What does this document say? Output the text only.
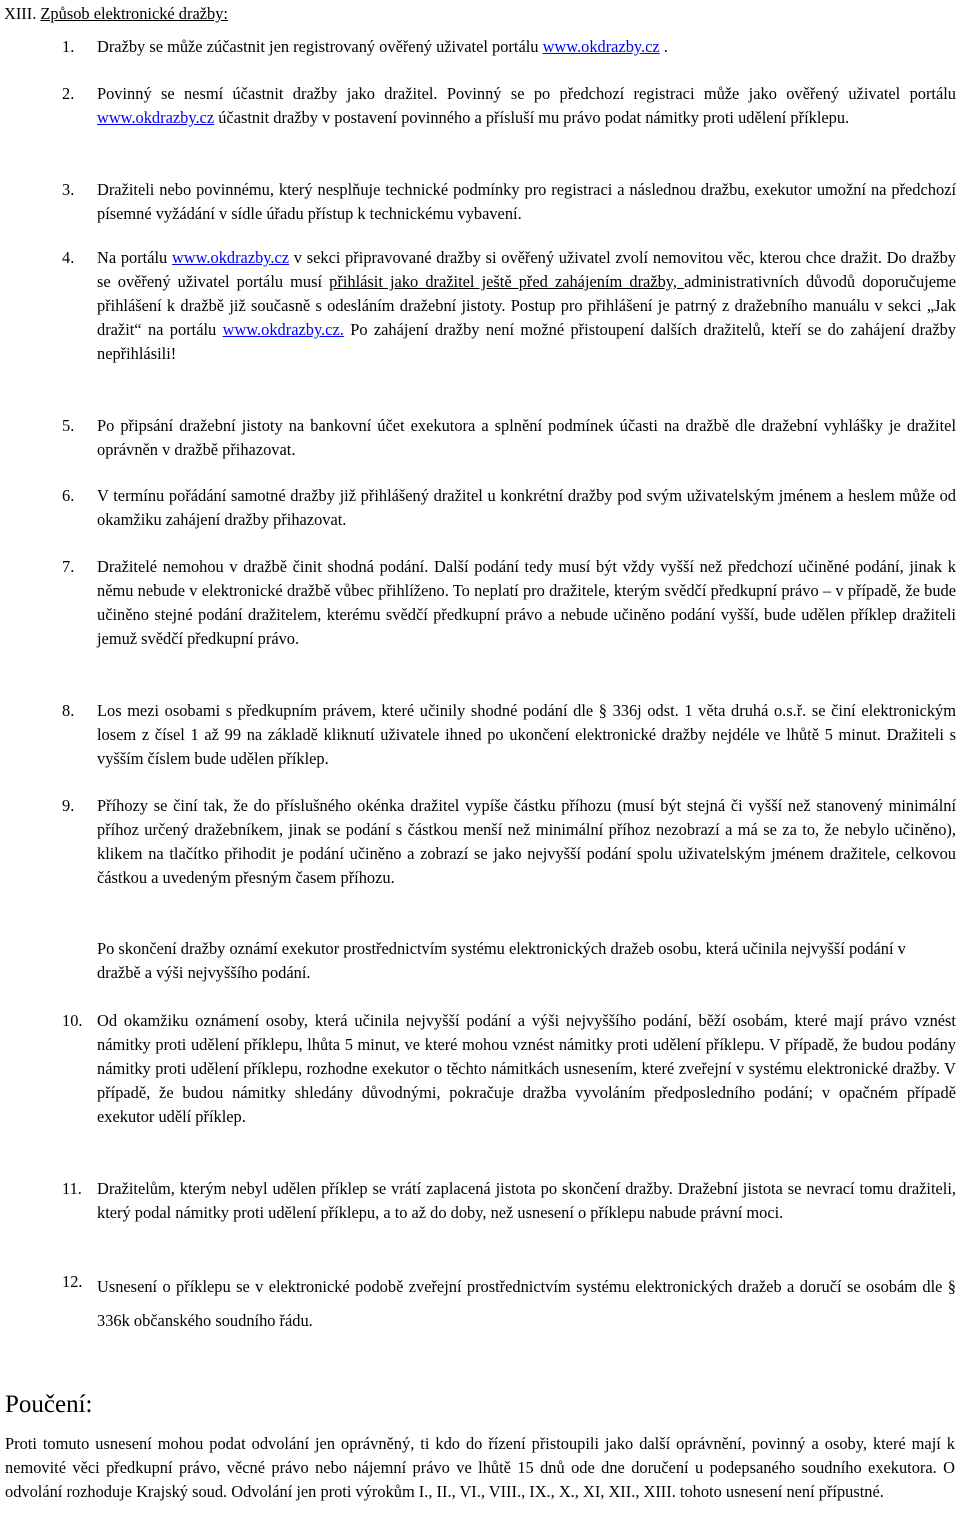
XIII. Způsob elektronické dražby:
1. Dražby se může zúčastnit jen registrovaný ověřený uživatel portálu www.okdrazby.cz .
2. Povinný se nesmí účastnit dražby jako dražitel. Povinný se po předchozí registraci může jako ověřený uživatel portálu www.okdrazby.cz účastnit dražby v postavení povinného a přísluší mu právo podat námitky proti udělení příklepu.
3. Dražiteli nebo povinnému, který nesplňuje technické podmínky pro registraci a následnou dražbu, exekutor umožní na předchozí písemné vyžádání v sídle úřadu přístup k technickému vybavení.
4. Na portálu www.okdrazby.cz v sekci připravované dražby si ověřený uživatel zvolí nemovitou věc, kterou chce dražit. Do dražby se ověřený uživatel portálu musí přihlásit jako dražitel ještě před zahájením dražby, administrativních důvodů doporučujeme přihlášení k dražbě již současně s odesláním dražební jistoty. Postup pro přihlášení je patrný z dražebního manuálu v sekci „Jak dražit“ na portálu www.okdrazby.cz. Po zahájení dražby není možné přistoupení dalších dražitelů, kteří se do zahájení dražby nepřihlásili!
5. Po připsání dražební jistoty na bankovní účet exekutora a splnění podmínek účasti na dražbě dle dražební vyhlášky je dražitel oprávněn v dražbě přihazovat.
6. V termínu pořádání samotné dražby již přihlášený dražitel u konkrétní dražby pod svým uživatelským jménem a heslem může od okamžiku zahájení dražby přihazovat.
7. Dražitelé nemohou v dražbě činit shodná podání. Další podání tedy musí být vždy vyšší než předchozí učiněné podání, jinak k němu nebude v elektronické dražbě vůbec přihlíženo. To neplatí pro dražitele, kterým svědčí předkupní právo – v případě, že bude učiněno stejné podání dražitelem, kterému svědčí předkupní právo a nebude učiněno podání vyšší, bude udělen příklep dražiteli jemuž svědčí předkupní právo.
8. Los mezi osobami s předkupním právem, které učinily shodné podání dle § 336j odst. 1 věta druhá o.s.ř. se činí elektronickým losem z čísel 1 až 99 na základě kliknutí uživatele ihned po ukončení elektronické dražby nejdéle ve lhůtě 5 minut. Dražiteli s vyšším číslem bude udělen příklep.
9. Příhozy se činí tak, že do příslušného okénka dražitel vypíše částku příhozu (musí být stejná či vyšší než stanovený minimální příhoz určený dražebníkem, jinak se podání s částkou menší než minimální příhoz nezobrazí a má se za to, že nebylo učiněno), klikem na tlačítko přihodit je podání učiněno a zobrazí se jako nejvyšší podání spolu uživatelským jménem dražitele, celkovou částkou a uvedeným přesným časem příhozu.
Po skončení dražby oznámí exekutor prostřednictvím systému elektronických dražeb osobu, která učinila nejvyšší podání v dražbě a výši nejvyššího podání.
10. Od okamžiku oznámení osoby, která učinila nejvyšší podání a výši nejvyššího podání, běží osobám, které mají právo vznést námitky proti udělení příklepu, lhůta 5 minut, ve které mohou vznést námitky proti udělení příklepu. V případě, že budou podány námitky proti udělení příklepu, rozhodne exekutor o těchto námitkách usnesením, které zveřejní v systému elektronické dražby. V případě, že budou námitky shledány důvodnými, pokračuje dražba vyvoláním předposledního podání; v opačném případě exekutor udělí příklep.
11. Dražitelům, kterým nebyl udělen příklep se vrátí zaplacená jistota po skončení dražby. Dražební jistota se nevrací tomu dražiteli, který podal námitky proti udělení příklepu, a to až do doby, než usnesení o příklepu nabude právní moci.
12. Usnesení o příklepu se v elektronické podobě zveřejní prostřednictvím systému elektronických dražeb a doručí se osobám dle § 336k občanského soudního řádu.
Poučení:
Proti tomuto usnesení mohou podat odvolání jen oprávněný, ti kdo do řízení přistoupili jako další oprávnění, povinný a osoby, které mají k nemovité věci předkupní právo, věcné právo nebo nájemní právo ve lhůtě 15 dnů ode dne doručení u podepsaného soudního exekutora. O odvolání rozhoduje Krajský soud. Odvolání jen proti výrokům I., II., VI., VIII., IX., X., XI, XII., XIII. tohoto usnesení není přípustné.
